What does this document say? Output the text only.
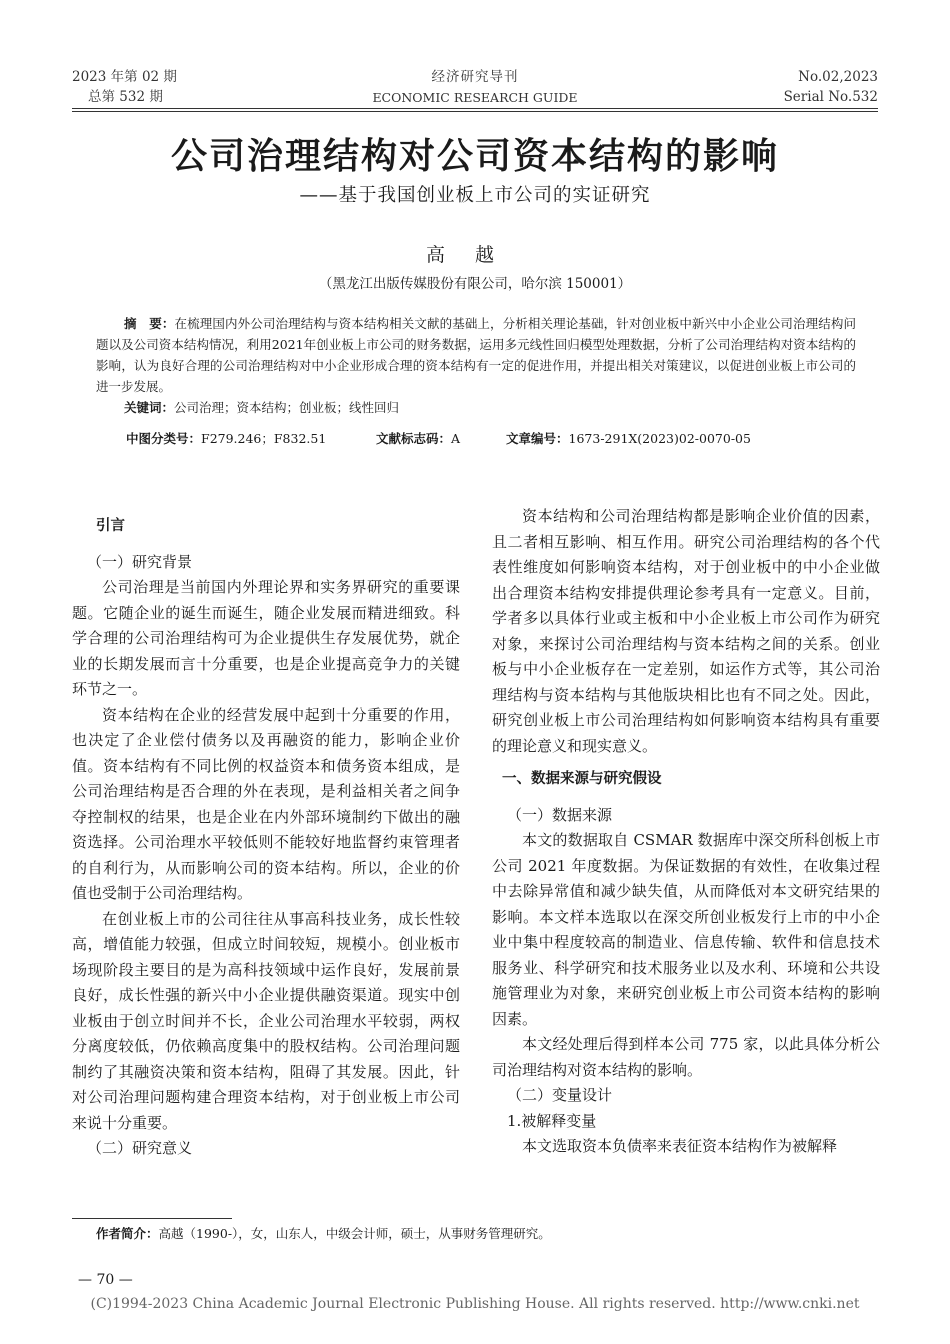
2023 年第 02 期
总第 532 期
经济研究导刊
ECONOMIC RESEARCH GUIDE
No.02,2023
Serial No.532
公司治理结构对公司资本结构的影响
——基于我国创业板上市公司的实证研究
高越
（黑龙江出版传媒股份有限公司，哈尔滨 150001）
摘　要：在梳理国内外公司治理结构与资本结构相关文献的基础上，分析相关理论基础，针对创业板中新兴中小企业公司治理结构问题以及公司资本结构情况，利用2021年创业板上市公司的财务数据，运用多元线性回归模型处理数据，分析了公司治理结构对资本结构的影响，认为良好合理的公司治理结构对中小企业形成合理的资本结构有一定的促进作用，并提出相关对策建议，以促进创业板上市公司的进一步发展。
关键词：公司治理；资本结构；创业板；线性回归
中图分类号：F279.246；F832.51	文献标志码：A	文章编号：1673-291X(2023)02-0070-05
引言

（一）研究背景

公司治理是当前国内外理论界和实务界研究的重要课题。它随企业的诞生而诞生，随企业发展而精进细致。科学合理的公司治理结构可为企业提供生存发展优势，就企业的长期发展而言十分重要，也是企业提高竞争力的关键环节之一。

资本结构在企业的经营发展中起到十分重要的作用，也决定了企业偿付债务以及再融资的能力，影响企业价值。资本结构有不同比例的权益资本和债务资本组成，是公司治理结构是否合理的外在表现，是利益相关者之间争夺控制权的结果，也是企业在内外部环境制约下做出的融资选择。公司治理水平较低则不能较好地监督约束管理者的自利行为，从而影响公司的资本结构。所以，企业的价值也受制于公司治理结构。

在创业板上市的公司往往从事高科技业务，成长性较高，增值能力较强，但成立时间较短，规模小。创业板市场现阶段主要目的是为高科技领域中运作良好，发展前景良好，成长性强的新兴中小企业提供融资渠道。现实中创业板由于创立时间并不长，企业公司治理水平较弱，两权分离度较低，仍依赖高度集中的股权结构。公司治理问题制约了其融资决策和资本结构，阻碍了其发展。因此，针对公司治理问题构建合理资本结构，对于创业板上市公司来说十分重要。

（二）研究意义

资本结构和公司治理结构都是影响企业价值的因素，且二者相互影响、相互作用。研究公司治理结构的各个代表性维度如何影响资本结构，对于创业板中的中小企业做出合理资本结构安排提供理论参考具有一定意义。目前，学者多以具体行业或主板和中小企业板上市公司作为研究对象，来探讨公司治理结构与资本结构之间的关系。创业板与中小企业板存在一定差别，如运作方式等，其公司治理结构与资本结构与其他版块相比也有不同之处。因此，研究创业板上市公司治理结构如何影响资本结构具有重要的理论意义和现实意义。

一、数据来源与研究假设

（一）数据来源

本文的数据取自 CSMAR 数据库中深交所科创板上市公司 2021 年度数据。为保证数据的有效性，在收集过程中去除异常值和减少缺失值，从而降低对本文研究结果的影响。本文样本选取以在深交所创业板发行上市的中小企业中集中程度较高的制造业、信息传输、软件和信息技术服务业、科学研究和技术服务业以及水利、环境和公共设施管理业为对象，来研究创业板上市公司资本结构的影响因素。

本文经处理后得到样本公司 775 家，以此具体分析公司治理结构对资本结构的影响。

（二）变量设计

1.被解释变量

本文选取资本负债率来表征资本结构作为被解释

作者简介：高越（1990-），女，山东人，中级会计师，硕士，从事财务管理研究。
— 70 —
(C)1994-2023 China Academic Journal Electronic Publishing House. All rights reserved. http://www.cnki.net
